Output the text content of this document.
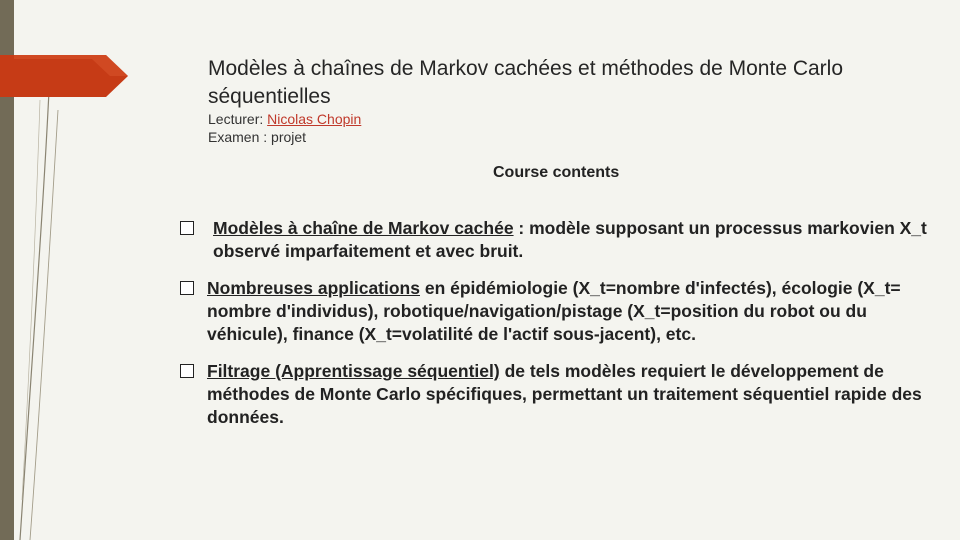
Modèles à chaînes de Markov cachées et méthodes de Monte Carlo séquentielles
Lecturer: Nicolas Chopin
Examen : projet
Course contents
Modèles à chaîne de Markov cachée : modèle supposant un processus markovien X_t observé imparfaitement et avec bruit.
Nombreuses applications en épidémiologie (X_t=nombre d'infectés), écologie (X_t= nombre d'individus), robotique/navigation/pistage (X_t=position du robot ou du véhicule), finance (X_t=volatilité de l'actif sous-jacent), etc.
Filtrage (Apprentissage séquentiel) de tels modèles requiert le développement de méthodes de Monte Carlo spécifiques, permettant un traitement séquentiel rapide des données.
